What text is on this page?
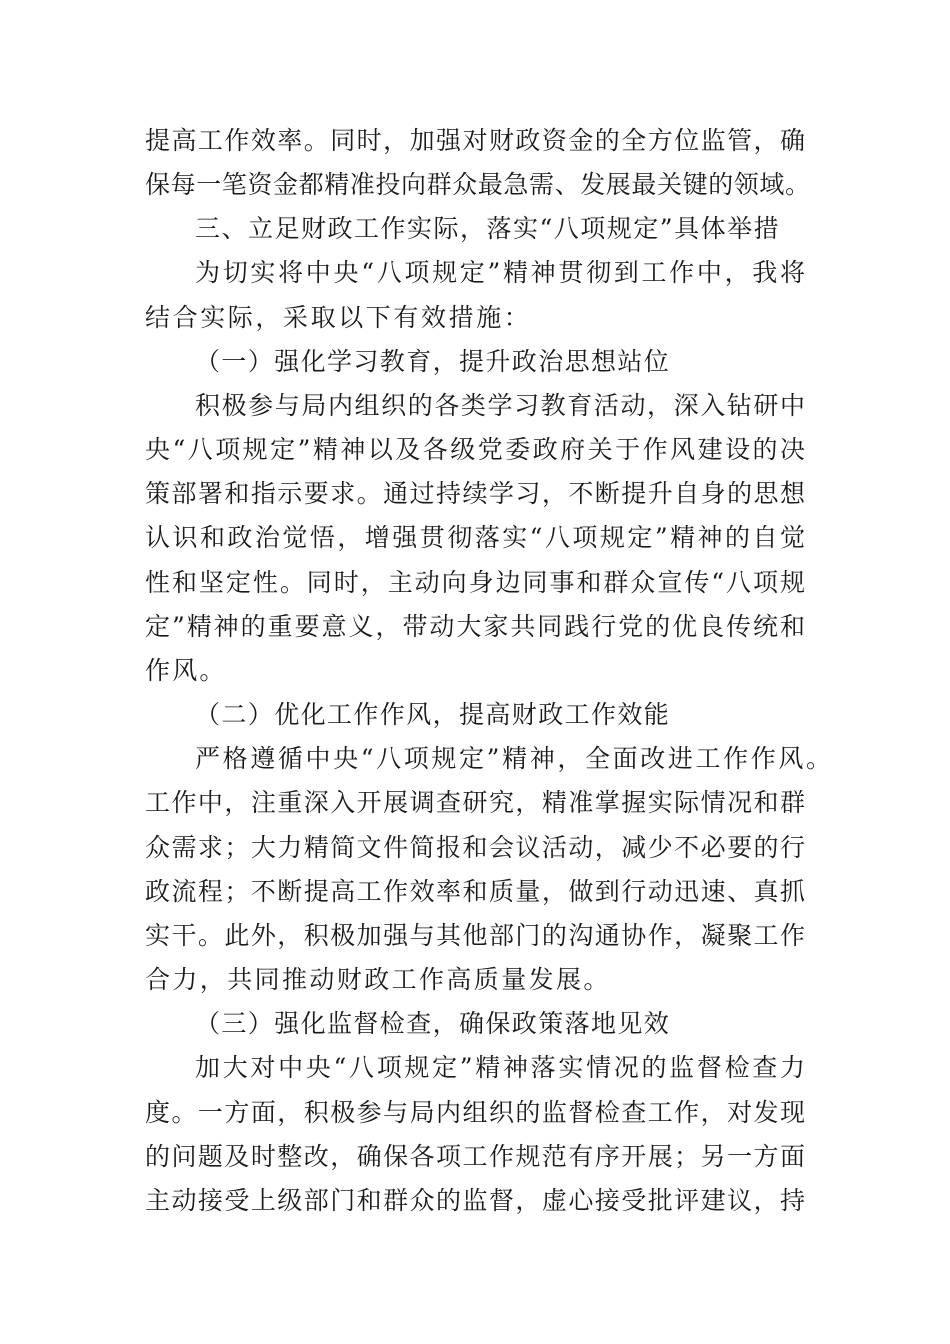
提高工作效率。同时，加强对财政资金的全方位监管，确
保每一笔资金都精准投向群众最急需、发展最关键的领域。
三、立足财政工作实际，落实“八项规定”具体举措
为切实将中央“八项规定”精神贯彻到工作中，我将
结合实际，采取以下有效措施：
（一）强化学习教育，提升政治思想站位
积极参与局内组织的各类学习教育活动，深入钻研中
央“八项规定”精神以及各级党委政府关于作风建设的决
策部署和指示要求。通过持续学习，不断提升自身的思想
认识和政治觉悟，增强贯彻落实“八项规定”精神的自觉
性和坚定性。同时，主动向身边同事和群众宣传“八项规
定”精神的重要意义，带动大家共同践行党的优良传统和
作风。
（二）优化工作作风，提高财政工作效能
严格遵循中央“八项规定”精神，全面改进工作作风。
工作中，注重深入开展调查研究，精准掌握实际情况和群
众需求；大力精简文件简报和会议活动，减少不必要的行
政流程；不断提高工作效率和质量，做到行动迅速、真抓
实干。此外，积极加强与其他部门的沟通协作，凝聚工作
合力，共同推动财政工作高质量发展。
（三）强化监督检查，确保政策落地见效
加大对中央“八项规定”精神落实情况的监督检查力
度。一方面，积极参与局内组织的监督检查工作，对发现
的问题及时整改，确保各项工作规范有序开展；另一方面
主动接受上级部门和群众的监督，虚心接受批评建议，持
